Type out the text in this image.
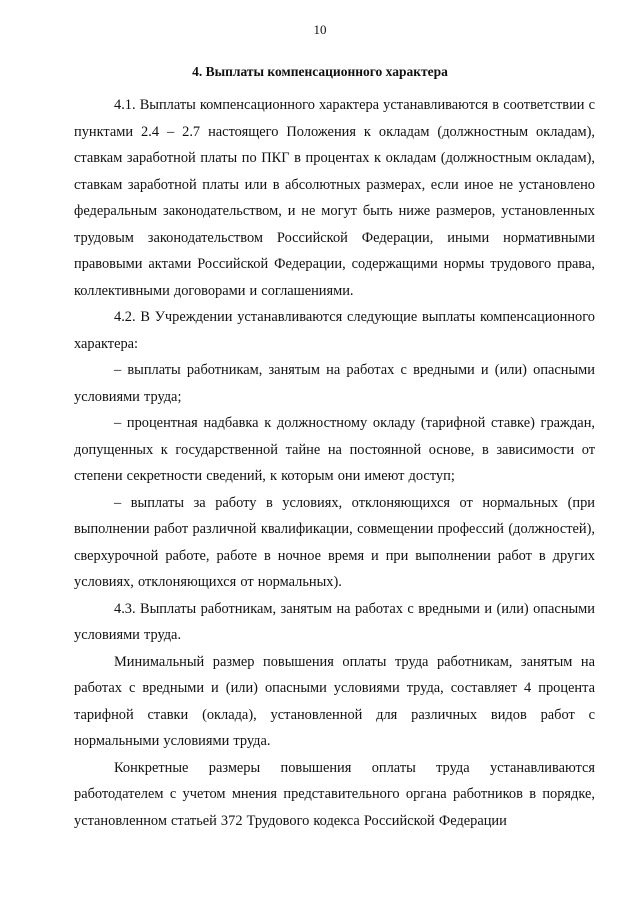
10
4. Выплаты компенсационного характера

4.1. Выплаты компенсационного характера устанавливаются в соответствии с пунктами 2.4 – 2.7 настоящего Положения к окладам (должностным окладам), ставкам заработной платы по ПКГ в процентах к окладам (должностным окладам), ставкам заработной платы или в абсолютных размерах, если иное не установлено федеральным законодательством, и не могут быть ниже размеров, установленных трудовым законодательством Российской Федерации, иными нормативными правовыми актами Российской Федерации, содержащими нормы трудового права, коллективными договорами и соглашениями.

4.2. В Учреждении устанавливаются следующие выплаты компенсационного характера:

– выплаты работникам, занятым на работах с вредными и (или) опасными условиями труда;

– процентная надбавка к должностному окладу (тарифной ставке) граждан, допущенных к государственной тайне на постоянной основе, в зависимости от степени секретности сведений, к которым они имеют доступ;

– выплаты за работу в условиях, отклоняющихся от нормальных (при выполнении работ различной квалификации, совмещении профессий (должностей), сверхурочной работе, работе в ночное время и при выполнении работ в других условиях, отклоняющихся от нормальных).

4.3. Выплаты работникам, занятым на работах с вредными и (или) опасными условиями труда.

Минимальный размер повышения оплаты труда работникам, занятым на работах с вредными и (или) опасными условиями труда, составляет 4 процента тарифной ставки (оклада), установленной для различных видов работ с нормальными условиями труда.

Конкретные размеры повышения оплаты труда устанавливаются работодателем с учетом мнения представительного органа работников в порядке, установленном статьей 372 Трудового кодекса Российской Федерации
